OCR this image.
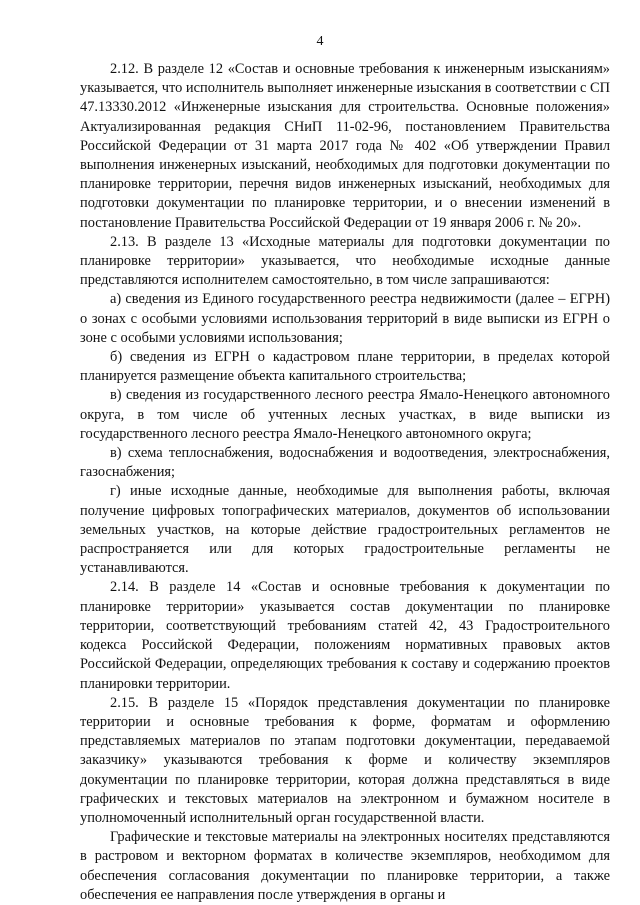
4

2.12. В разделе 12 «Состав и основные требования к инженерным изысканиям» указывается, что исполнитель выполняет инженерные изыскания в соответствии с СП 47.13330.2012 «Инженерные изыскания для строительства. Основные положения» Актуализированная редакция СНиП 11-02-96, постановлением Правительства Российской Федерации от 31 марта 2017 года № 402 «Об утверждении Правил выполнения инженерных изысканий, необходимых для подготовки документации по планировке территории, перечня видов инженерных изысканий, необходимых для подготовки документации по планировке территории, и о внесении изменений в постановление Правительства Российской Федерации от 19 января 2006 г. № 20».

2.13. В разделе 13 «Исходные материалы для подготовки документации по планировке территории» указывается, что необходимые исходные данные представляются исполнителем самостоятельно, в том числе запрашиваются:

а) сведения из Единого государственного реестра недвижимости (далее – ЕГРН) о зонах с особыми условиями использования территорий в виде выписки из ЕГРН о зоне с особыми условиями использования;

б) сведения из ЕГРН о кадастровом плане территории, в пределах которой планируется размещение объекта капитального строительства;

в) сведения из государственного лесного реестра Ямало-Ненецкого автономного округа, в том числе об учтенных лесных участках, в виде выписки из государственного лесного реестра Ямало-Ненецкого автономного округа;

в) схема теплоснабжения, водоснабжения и водоотведения, электроснабжения, газоснабжения;

г) иные исходные данные, необходимые для выполнения работы, включая получение цифровых топографических материалов, документов об использовании земельных участков, на которые действие градостроительных регламентов не распространяется или для которых градостроительные регламенты не устанавливаются.

2.14. В разделе 14 «Состав и основные требования к документации по планировке территории» указывается состав документации по планировке территории, соответствующий требованиям статей 42, 43 Градостроительного кодекса Российской Федерации, положениям нормативных правовых актов Российской Федерации, определяющих требования к составу и содержанию проектов планировки территории.

2.15. В разделе 15 «Порядок представления документации по планировке территории и основные требования к форме, форматам и оформлению представляемых материалов по этапам подготовки документации, передаваемой заказчику» указываются требования к форме и количеству экземпляров документации по планировке территории, которая должна представляться в виде графических и текстовых материалов на электронном и бумажном носителе в уполномоченный исполнительный орган государственной власти.

Графические и текстовые материалы на электронных носителях представляются в растровом и векторном форматах в количестве экземпляров, необходимом для обеспечения согласования документации по планировке территории, а также обеспечения ее направления после утверждения в органы и
